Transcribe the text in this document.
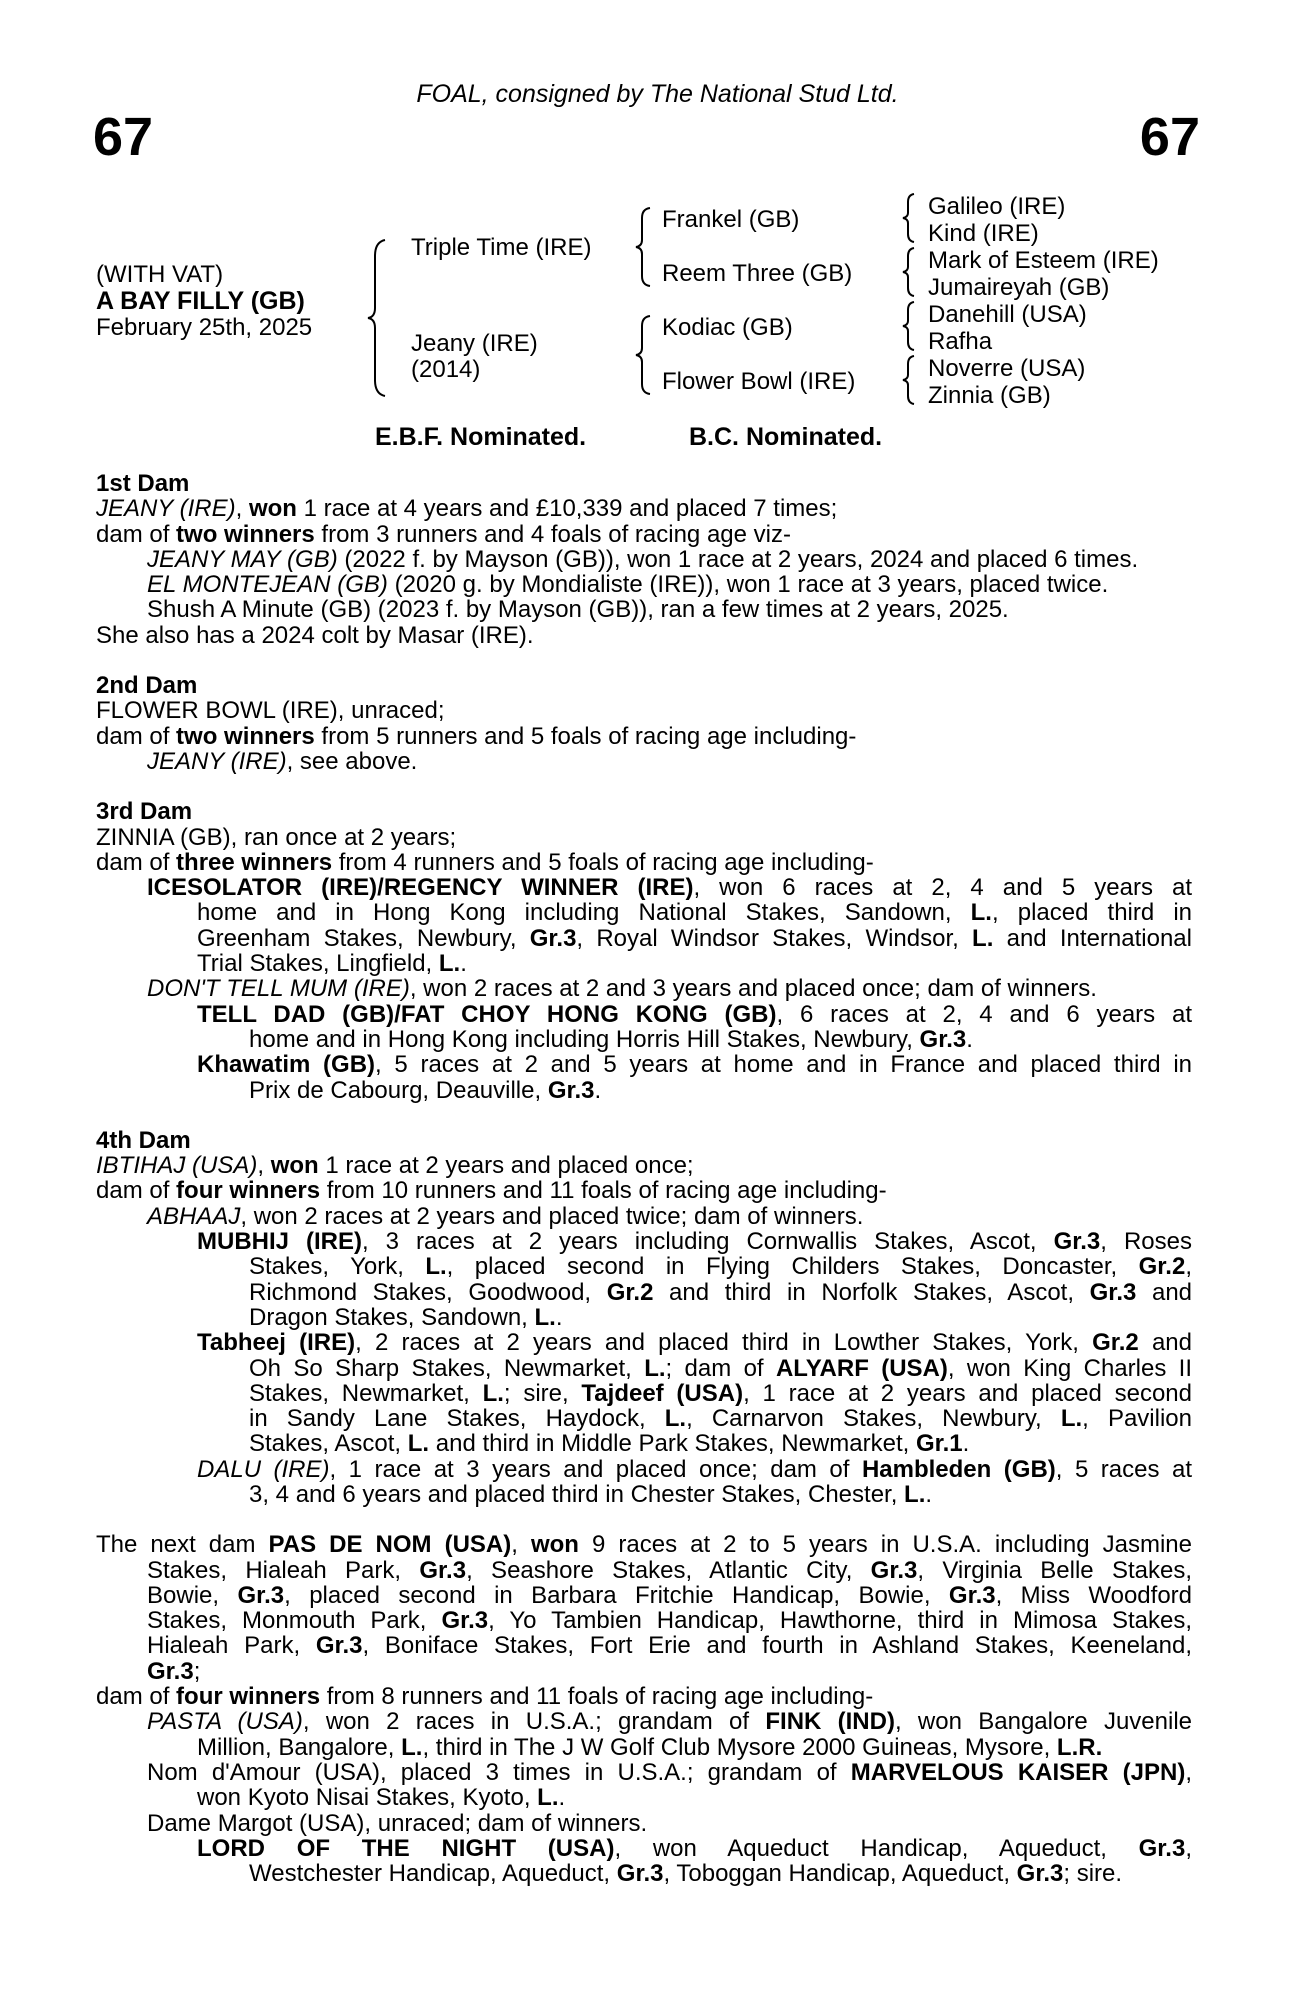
FOAL, consigned by The National Stud Ltd.
67	67
(WITH VAT)
A BAY FILLY (GB)
February 25th, 2025
Triple Time (IRE)
Jeany (IRE)
(2014)
Frankel (GB)
Reem Three (GB)
Kodiac (GB)
Flower Bowl (IRE)
Galileo (IRE)
Kind (IRE)
Mark of Esteem (IRE)
Jumaireyah (GB)
Danehill (USA)
Rafha
Noverre (USA)
Zinnia (GB)
E.B.F. Nominated.	B.C. Nominated.
1st Dam
JEANY (IRE), won 1 race at 4 years and £10,339 and placed 7 times;
dam of two winners from 3 runners and 4 foals of racing age viz-
JEANY MAY (GB) (2022 f. by Mayson (GB)), won 1 race at 2 years, 2024 and placed 6 times.
EL MONTEJEAN (GB) (2020 g. by Mondialiste (IRE)), won 1 race at 3 years, placed twice.
Shush A Minute (GB) (2023 f. by Mayson (GB)), ran a few times at 2 years, 2025.
She also has a 2024 colt by Masar (IRE).
2nd Dam
FLOWER BOWL (IRE), unraced;
dam of two winners from 5 runners and 5 foals of racing age including-
JEANY (IRE), see above.
3rd Dam
ZINNIA (GB), ran once at 2 years;
dam of three winners from 4 runners and 5 foals of racing age including-
ICESOLATOR (IRE)/REGENCY WINNER (IRE), won 6 races at 2, 4 and 5 years at
home and in Hong Kong including National Stakes, Sandown, L., placed third in
Greenham Stakes, Newbury, Gr.3, Royal Windsor Stakes, Windsor, L. and International
Trial Stakes, Lingfield, L..
DON'T TELL MUM (IRE), won 2 races at 2 and 3 years and placed once; dam of winners.
TELL DAD (GB)/FAT CHOY HONG KONG (GB), 6 races at 2, 4 and 6 years at
home and in Hong Kong including Horris Hill Stakes, Newbury, Gr.3.
Khawatim (GB), 5 races at 2 and 5 years at home and in France and placed third in
Prix de Cabourg, Deauville, Gr.3.
4th Dam
IBTIHAJ (USA), won 1 race at 2 years and placed once;
dam of four winners from 10 runners and 11 foals of racing age including-
ABHAAJ, won 2 races at 2 years and placed twice; dam of winners.
MUBHIJ (IRE), 3 races at 2 years including Cornwallis Stakes, Ascot, Gr.3, Roses
Stakes, York, L., placed second in Flying Childers Stakes, Doncaster, Gr.2,
Richmond Stakes, Goodwood, Gr.2 and third in Norfolk Stakes, Ascot, Gr.3 and
Dragon Stakes, Sandown, L..
Tabheej (IRE), 2 races at 2 years and placed third in Lowther Stakes, York, Gr.2 and
Oh So Sharp Stakes, Newmarket, L.; dam of ALYARF (USA), won King Charles II
Stakes, Newmarket, L.; sire, Tajdeef (USA), 1 race at 2 years and placed second
in Sandy Lane Stakes, Haydock, L., Carnarvon Stakes, Newbury, L., Pavilion
Stakes, Ascot, L. and third in Middle Park Stakes, Newmarket, Gr.1.
DALU (IRE), 1 race at 3 years and placed once; dam of Hambleden (GB), 5 races at
3, 4 and 6 years and placed third in Chester Stakes, Chester, L..
The next dam PAS DE NOM (USA), won 9 races at 2 to 5 years in U.S.A. including Jasmine
Stakes, Hialeah Park, Gr.3, Seashore Stakes, Atlantic City, Gr.3, Virginia Belle Stakes,
Bowie, Gr.3, placed second in Barbara Fritchie Handicap, Bowie, Gr.3, Miss Woodford
Stakes, Monmouth Park, Gr.3, Yo Tambien Handicap, Hawthorne, third in Mimosa Stakes,
Hialeah Park, Gr.3, Boniface Stakes, Fort Erie and fourth in Ashland Stakes, Keeneland,
Gr.3;
dam of four winners from 8 runners and 11 foals of racing age including-
PASTA (USA), won 2 races in U.S.A.; grandam of FINK (IND), won Bangalore Juvenile
Million, Bangalore, L., third in The J W Golf Club Mysore 2000 Guineas, Mysore, L.R.
Nom d'Amour (USA), placed 3 times in U.S.A.; grandam of MARVELOUS KAISER (JPN),
won Kyoto Nisai Stakes, Kyoto, L..
Dame Margot (USA), unraced; dam of winners.
LORD OF THE NIGHT (USA), won Aqueduct Handicap, Aqueduct, Gr.3,
Westchester Handicap, Aqueduct, Gr.3, Toboggan Handicap, Aqueduct, Gr.3; sire.
